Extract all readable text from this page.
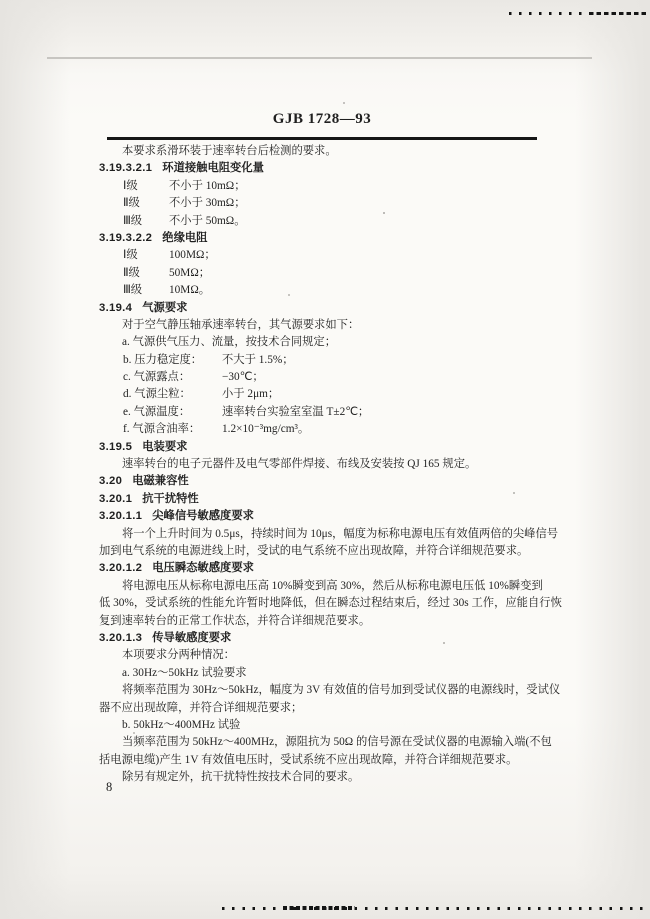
GJB 1728—93
本要求系滑环装于速率转台后检测的要求。
3.19.3.2.1 环道接触电阻变化量
Ⅰ级	不小于 10mΩ；
Ⅱ级	不小于 30mΩ；
Ⅲ级 不小于 50mΩ。
3.19.3.2.2 绝缘电阻
Ⅰ级	100MΩ；
Ⅱ级	50MΩ；
Ⅲ级 10MΩ。
3.19.4 气源要求
对于空气静压轴承速率转台，其气源要求如下：
a. 气源供气压力、流量，按技术合同规定；
b. 压力稳定度： 不大于 1.5%；
c. 气源露点：	−30℃；
d. 气源尘粒：	小于 2μm；
e. 气源温度：	速率转台实验室室温 T±2℃；
f. 气源含油率： 1.2×10⁻³mg/cm³。
3.19.5 电装要求
速率转台的电子元器件及电气零部件焊接、布线及安装按 QJ 165 规定。
3.20 电磁兼容性
3.20.1 抗干扰特性
3.20.1.1 尖峰信号敏感度要求
将一个上升时间为 0.5μs，持续时间为 10μs，幅度为标称电源电压有效值两倍的尖峰信号
加到电气系统的电源进线上时，受试的电气系统不应出现故障，并符合详细规范要求。
3.20.1.2 电压瞬态敏感度要求
将电源电压从标称电源电压高 10%瞬变到高 30%，然后从标称电源电压低 10%瞬变到
低 30%，受试系统的性能允许暂时地降低，但在瞬态过程结束后，经过 30s 工作，应能自行恢
复到速率转台的正常工作状态，并符合详细规范要求。
3.20.1.3 传导敏感度要求
本项要求分两种情况：
a. 30Hz～50kHz 试验要求
将频率范围为 30Hz～50kHz，幅度为 3V 有效值的信号加到受试仪器的电源线时，受试仪
器不应出现故障，并符合详细规范要求；
b. 50kHz～400MHz 试验
当频率范围为 50kHz～400MHz，源阻抗为 50Ω 的信号源在受试仪器的电源输入端(不包
括电源电缆)产生 1V 有效值电压时，受试系统不应出现故障，并符合详细规范要求。
除另有规定外，抗干扰特性按技术合同的要求。
8
